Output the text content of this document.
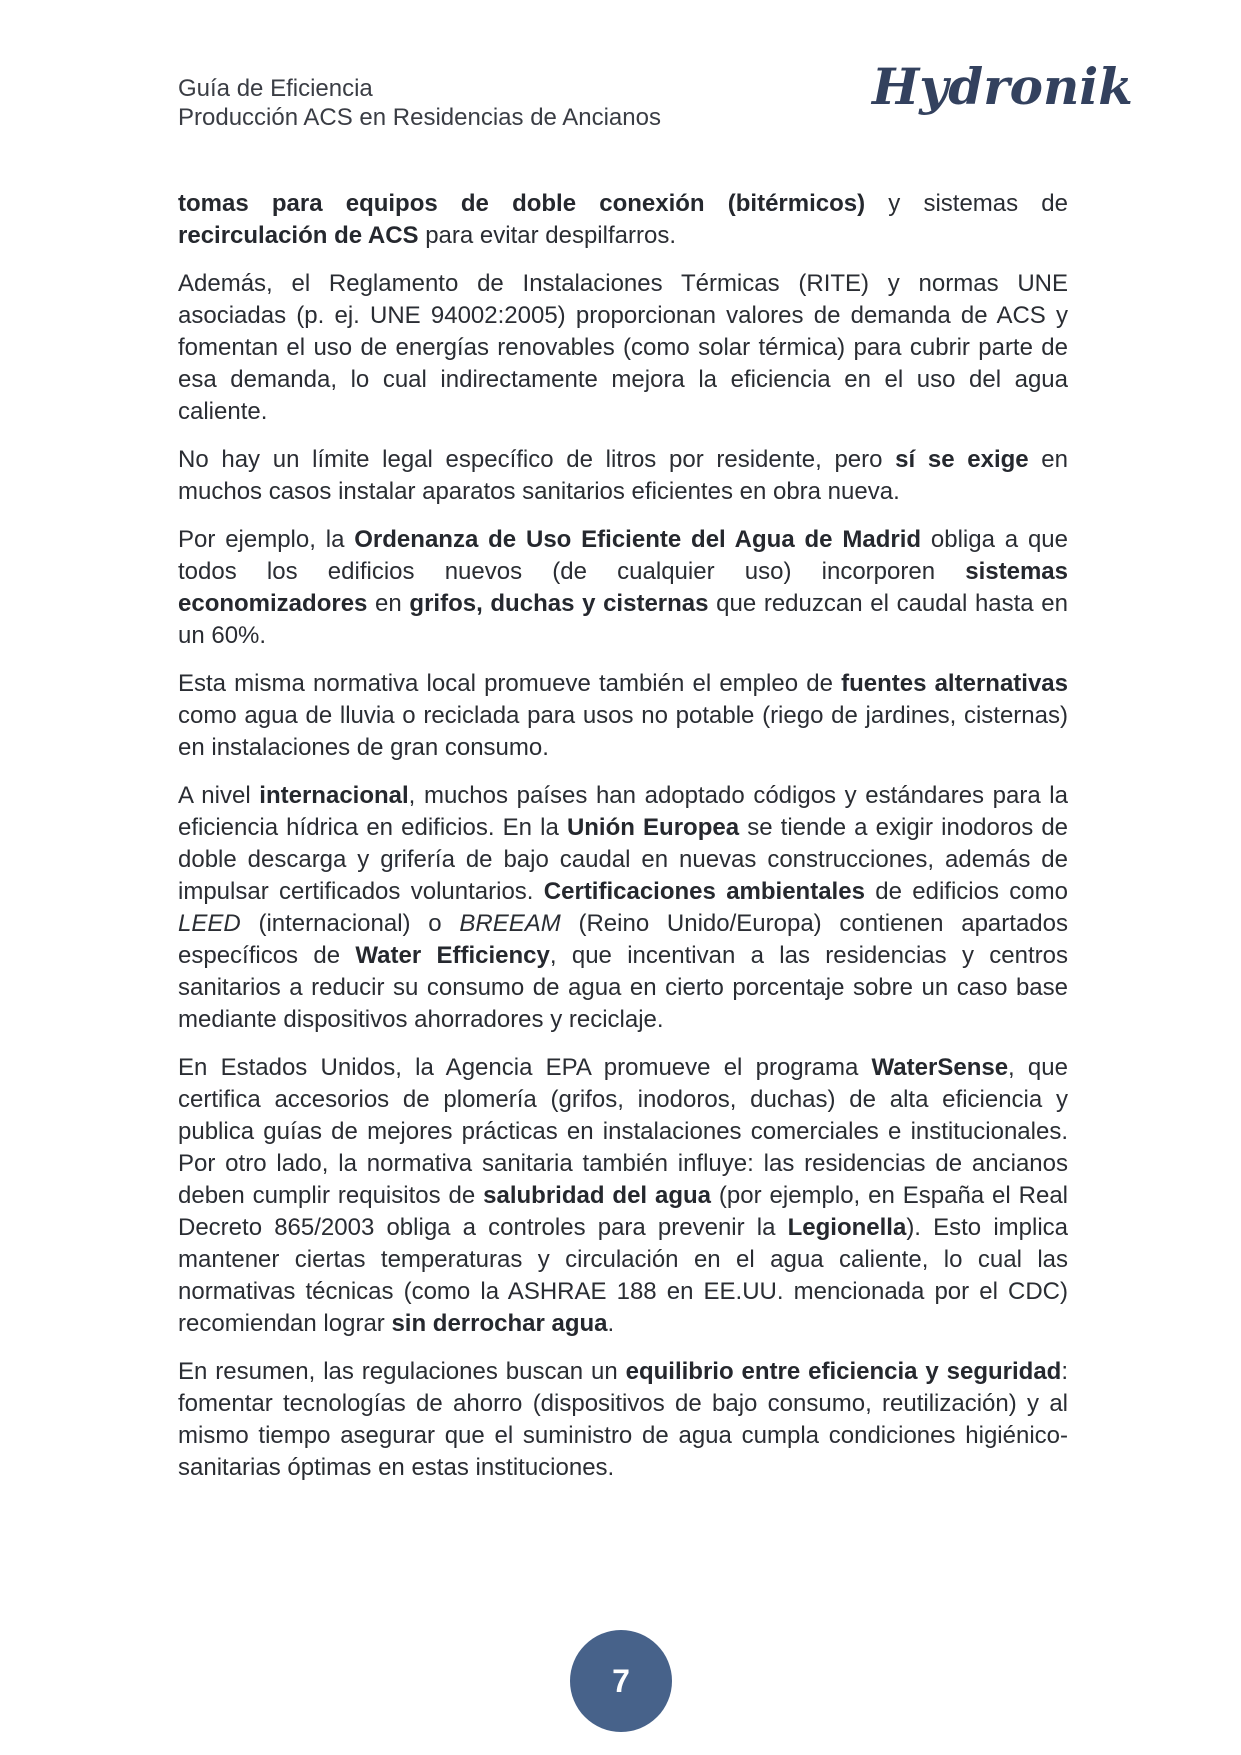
Guía de Eficiencia
Producción ACS en Residencias de Ancianos
Hydronik

tomas para equipos de doble conexión (bitérmicos) y sistemas de recirculación de ACS para evitar despilfarros.

Además, el Reglamento de Instalaciones Térmicas (RITE) y normas UNE asociadas (p. ej. UNE 94002:2005) proporcionan valores de demanda de ACS y fomentan el uso de energías renovables (como solar térmica) para cubrir parte de esa demanda, lo cual indirectamente mejora la eficiencia en el uso del agua caliente.

No hay un límite legal específico de litros por residente, pero sí se exige en muchos casos instalar aparatos sanitarios eficientes en obra nueva.

Por ejemplo, la Ordenanza de Uso Eficiente del Agua de Madrid obliga a que todos los edificios nuevos (de cualquier uso) incorporen sistemas economizadores en grifos, duchas y cisternas que reduzcan el caudal hasta en un 60%.

Esta misma normativa local promueve también el empleo de fuentes alternativas como agua de lluvia o reciclada para usos no potable (riego de jardines, cisternas) en instalaciones de gran consumo.

A nivel internacional, muchos países han adoptado códigos y estándares para la eficiencia hídrica en edificios. En la Unión Europea se tiende a exigir inodoros de doble descarga y grifería de bajo caudal en nuevas construcciones, además de impulsar certificados voluntarios. Certificaciones ambientales de edificios como LEED (internacional) o BREEAM (Reino Unido/Europa) contienen apartados específicos de Water Efficiency, que incentivan a las residencias y centros sanitarios a reducir su consumo de agua en cierto porcentaje sobre un caso base mediante dispositivos ahorradores y reciclaje.

En Estados Unidos, la Agencia EPA promueve el programa WaterSense, que certifica accesorios de plomería (grifos, inodoros, duchas) de alta eficiencia y publica guías de mejores prácticas en instalaciones comerciales e institucionales. Por otro lado, la normativa sanitaria también influye: las residencias de ancianos deben cumplir requisitos de salubridad del agua (por ejemplo, en España el Real Decreto 865/2003 obliga a controles para prevenir la Legionella). Esto implica mantener ciertas temperaturas y circulación en el agua caliente, lo cual las normativas técnicas (como la ASHRAE 188 en EE.UU. mencionada por el CDC) recomiendan lograr sin derrochar agua.

En resumen, las regulaciones buscan un equilibrio entre eficiencia y seguridad: fomentar tecnologías de ahorro (dispositivos de bajo consumo, reutilización) y al mismo tiempo asegurar que el suministro de agua cumpla condiciones higiénico-sanitarias óptimas en estas instituciones.

7
